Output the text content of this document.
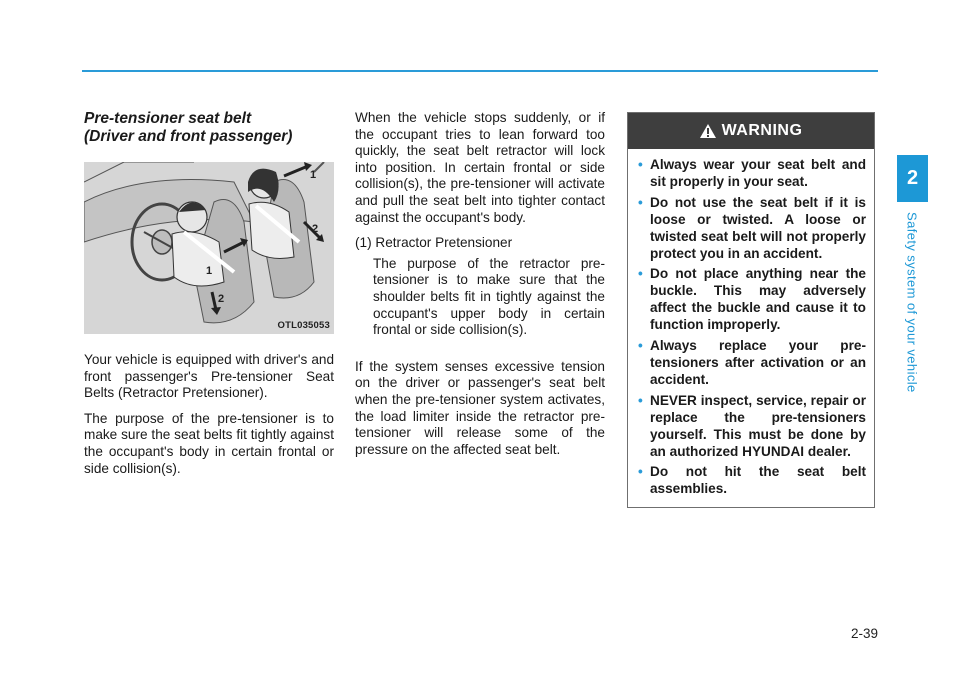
Pre-tensioner seat belt
(Driver and front passenger)
1
2
1
2
OTL035053

Your vehicle is equipped with driver's and front passenger's Pre-tensioner Seat Belts (Retractor Pretensioner).

The purpose of the pre-tensioner is to make sure the seat belts fit tightly against the occupant's body in certain frontal or side collision(s).

When the vehicle stops suddenly, or if the occupant tries to lean forward too quickly, the seat belt retractor will lock into position. In certain frontal or side collision(s), the pre-tensioner will activate and pull the seat belt into tighter contact against the occupant's body.

(1) Retractor Pretensioner

The purpose of the retractor pre-tensioner is to make sure that the shoulder belts fit in tightly against the occupant's upper body in certain frontal or side collision(s).

If the system senses excessive tension on the driver or passenger's seat belt when the pre-tensioner system activates, the load limiter inside the retractor pre-tensioner will release some of the pressure on the affected seat belt.

WARNING
• Always wear your seat belt and sit properly in your seat.
• Do not use the seat belt if it is loose or twisted. A loose or twisted seat belt will not properly protect you in an accident.
• Do not place anything near the buckle. This may adversely affect the buckle and cause it to function improperly.
• Always replace your pre-tensioners after activation or an accident.
• NEVER inspect, service, repair or replace the pre-tensioners yourself. This must be done by an authorized HYUNDAI dealer.
• Do not hit the seat belt assemblies.
2
Safety system of your vehicle
2-39
